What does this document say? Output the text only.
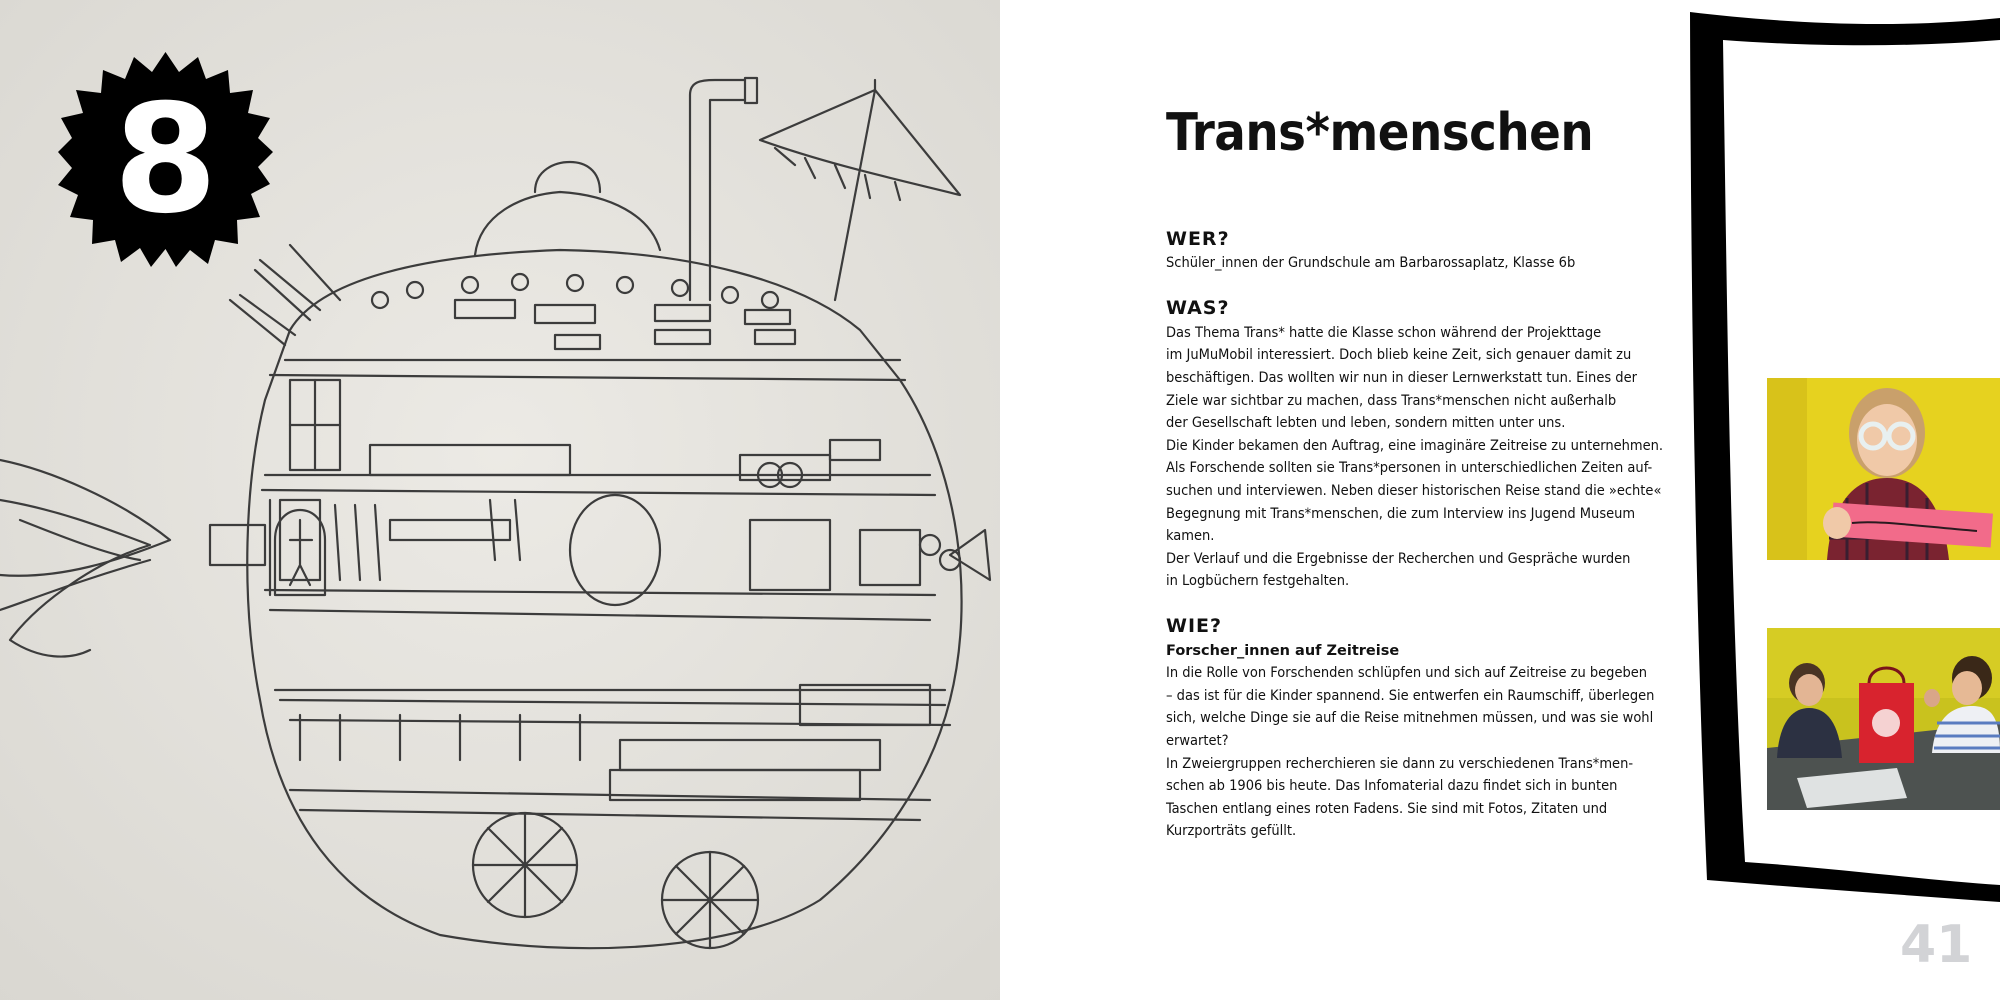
8	Trans*menschen
WER?
Schüler_innen der Grundschule am Barbarossaplatz, Klasse 6b
WAS?
Das Thema Trans* hatte die Klasse schon während der Projekttage
im JuMuMobil interessiert. Doch blieb keine Zeit, sich genauer damit zu
beschäftigen. Das wollten wir nun in dieser Lernwerkstatt tun. Eines der
Ziele war sichtbar zu machen, dass Trans*menschen nicht außerhalb
der Gesellschaft lebten und leben, sondern mitten unter uns.
Die Kinder bekamen den Auftrag, eine imaginäre Zeitreise zu unternehmen.
Als Forschende sollten sie Trans*personen in unterschiedlichen Zeiten auf-
suchen und interviewen. Neben dieser historischen Reise stand die »echte«
Begegnung mit Trans*menschen, die zum Interview ins Jugend Museum
kamen.
Der Verlauf und die Ergebnisse der Recherchen und Gespräche wurden
in Logbüchern festgehalten.
WIE?
Forscher_innen auf Zeitreise
In die Rolle von Forschenden schlüpfen und sich auf Zeitreise zu begeben
– das ist für die Kinder spannend. Sie entwerfen ein Raumschiff, überlegen
sich, welche Dinge sie auf die Reise mitnehmen müssen, und was sie wohl
erwartet?
In Zweiergruppen recherchieren sie dann zu verschiedenen Trans*men-
schen ab 1906 bis heute. Das Infomaterial dazu findet sich in bunten
Taschen entlang eines roten Fadens. Sie sind mit Fotos, Zitaten und
Kurzporträts gefüllt.
41
